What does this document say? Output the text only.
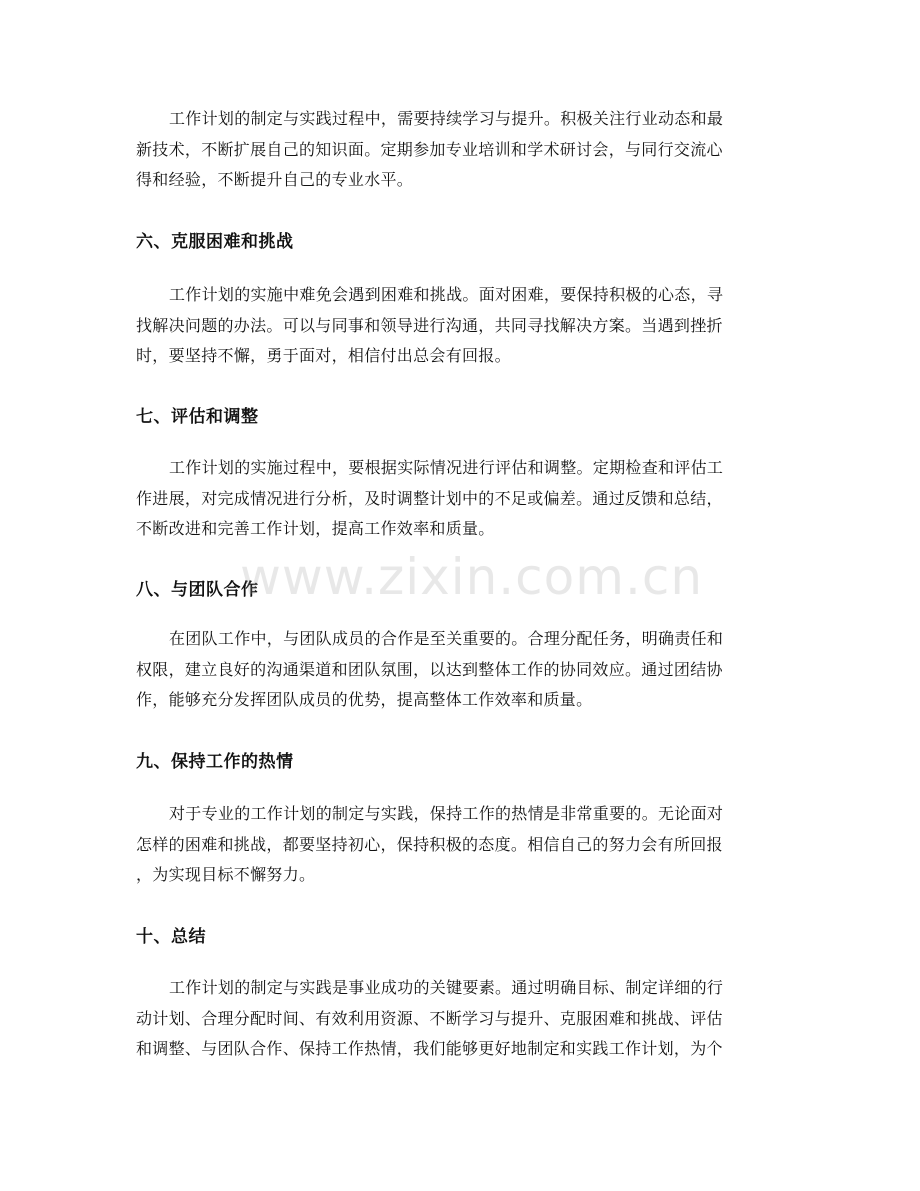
工作计划的制定与实践过程中，需要持续学习与提升。积极关注行业动态和最
新技术，不断扩展自己的知识面。定期参加专业培训和学术研讨会，与同行交流心
得和经验，不断提升自己的专业水平。
六、克服困难和挑战
工作计划的实施中难免会遇到困难和挑战。面对困难，要保持积极的心态，寻
找解决问题的办法。可以与同事和领导进行沟通，共同寻找解决方案。当遇到挫折
时，要坚持不懈，勇于面对，相信付出总会有回报。
七、评估和调整
工作计划的实施过程中，要根据实际情况进行评估和调整。定期检查和评估工
作进展，对完成情况进行分析，及时调整计划中的不足或偏差。通过反馈和总结，
不断改进和完善工作计划，提高工作效率和质量。
八、与团队合作
在团队工作中，与团队成员的合作是至关重要的。合理分配任务，明确责任和
权限，建立良好的沟通渠道和团队氛围，以达到整体工作的协同效应。通过团结协
作，能够充分发挥团队成员的优势，提高整体工作效率和质量。
九、保持工作的热情
对于专业的工作计划的制定与实践，保持工作的热情是非常重要的。无论面对
怎样的困难和挑战，都要坚持初心，保持积极的态度。相信自己的努力会有所回报
，为实现目标不懈努力。
十、总结
工作计划的制定与实践是事业成功的关键要素。通过明确目标、制定详细的行
动计划、合理分配时间、有效利用资源、不断学习与提升、克服困难和挑战、评估
和调整、与团队合作、保持工作热情，我们能够更好地制定和实践工作计划，为个
www.zixin.com.cn
